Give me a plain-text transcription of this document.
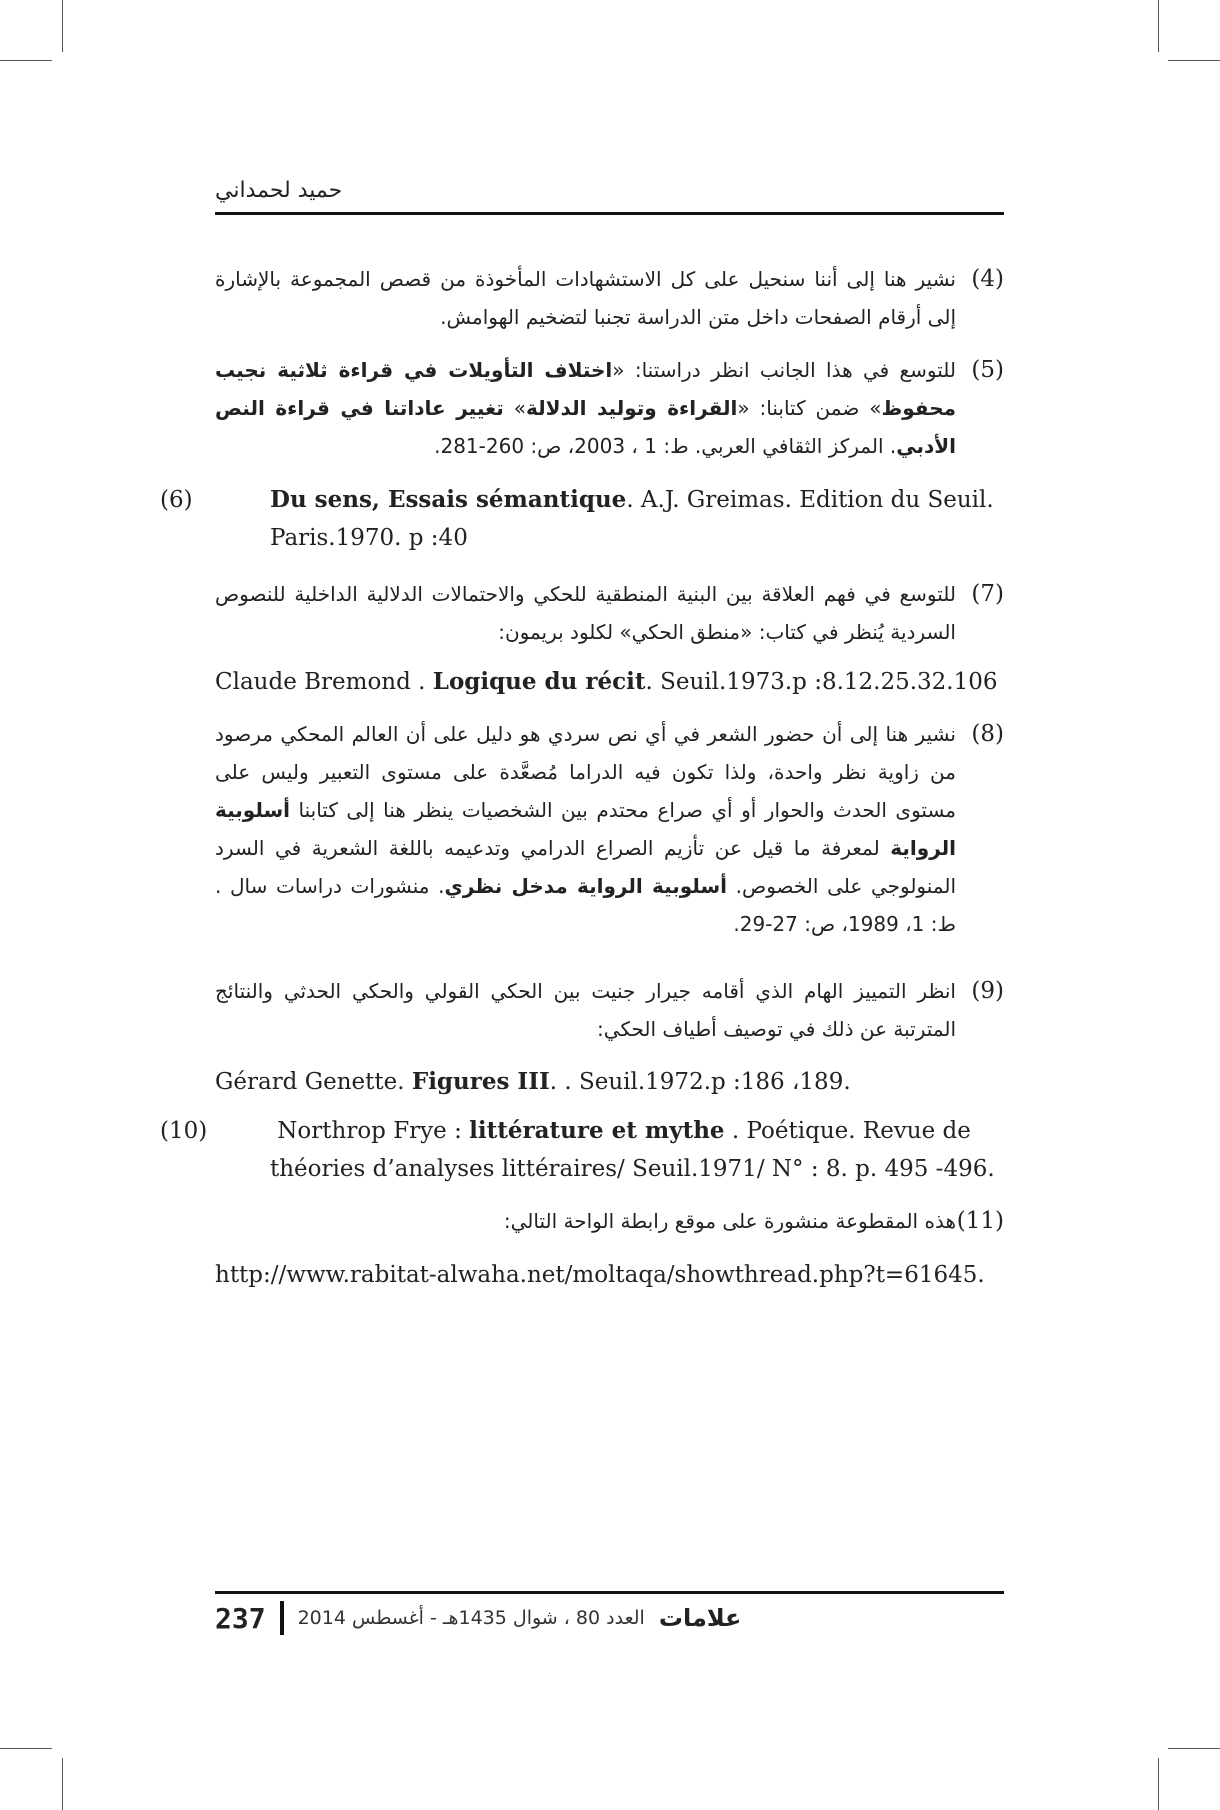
حميد لحمداني
(4)
نشير هنا إلى أننا سنحيل على كل الاستشهادات المأخوذة من قصص المجموعة بالإشارة إلى أرقام الصفحات داخل متن الدراسة تجنبا لتضخيم الهوامش.
(5)
للتوسع في هذا الجانب انظر دراستنا: «اختلاف التأويلات في قراءة ثلاثية نجيب محفوظ» ضمن كتابنا: «القراءة وتوليد الدلالة» تغيير عاداتنا في قراءة النص الأدبي. المركز الثقافي العربي. ط: 1 ، 2003، ص: 260-281.
(6)	Du sens, Essais sémantique. A.J. Greimas. Edition du Seuil. Paris.1970. p :40
(7)
للتوسع في فهم العلاقة بين البنية المنطقية للحكي والاحتمالات الدلالية الداخلية للنصوص السردية يُنظر في كتاب: «منطق الحكي» لكلود بريمون:
Claude Bremond . Logique du récit. Seuil.1973.p :8.12.25.32.106
(8)
نشير هنا إلى أن حضور الشعر في أي نص سردي هو دليل على أن العالم المحكي مرصود من زاوية نظر واحدة، ولذا تكون فيه الدراما مُصعَّدة على مستوى التعبير وليس على مستوى الحدث والحوار أو أي صراع محتدم بين الشخصيات ينظر هنا إلى كتابنا أسلوبية الرواية لمعرفة ما قيل عن تأزيم الصراع الدرامي وتدعيمه باللغة الشعرية في السرد المنولوجي على الخصوص. أسلوبية الرواية مدخل نظري. منشورات دراسات سال . ط: 1، 1989، ص: 27-29.
(9)
انظر التمييز الهام الذي أقامه جيرار جنيت بين الحكي القولي والحكي الحدثي والنتائج المترتبة عن ذلك في توصيف أطياف الحكي:
Gérard Genette. Figures III. . Seuil.1972.p :186 ،189.
(10)	Northrop Frye : littérature et mythe . Poétique. Revue de théories d’analyses littéraires/ Seuil.1971/ N° : 8. p. 495 -496.
(11)
هذه المقطوعة منشورة على موقع رابطة الواحة التالي:
http://www.rabitat-alwaha.net/moltaqa/showthread.php?t=61645.
237 العدد 80 ، شوال 1435هـ - أغسطس 2014 علامات
